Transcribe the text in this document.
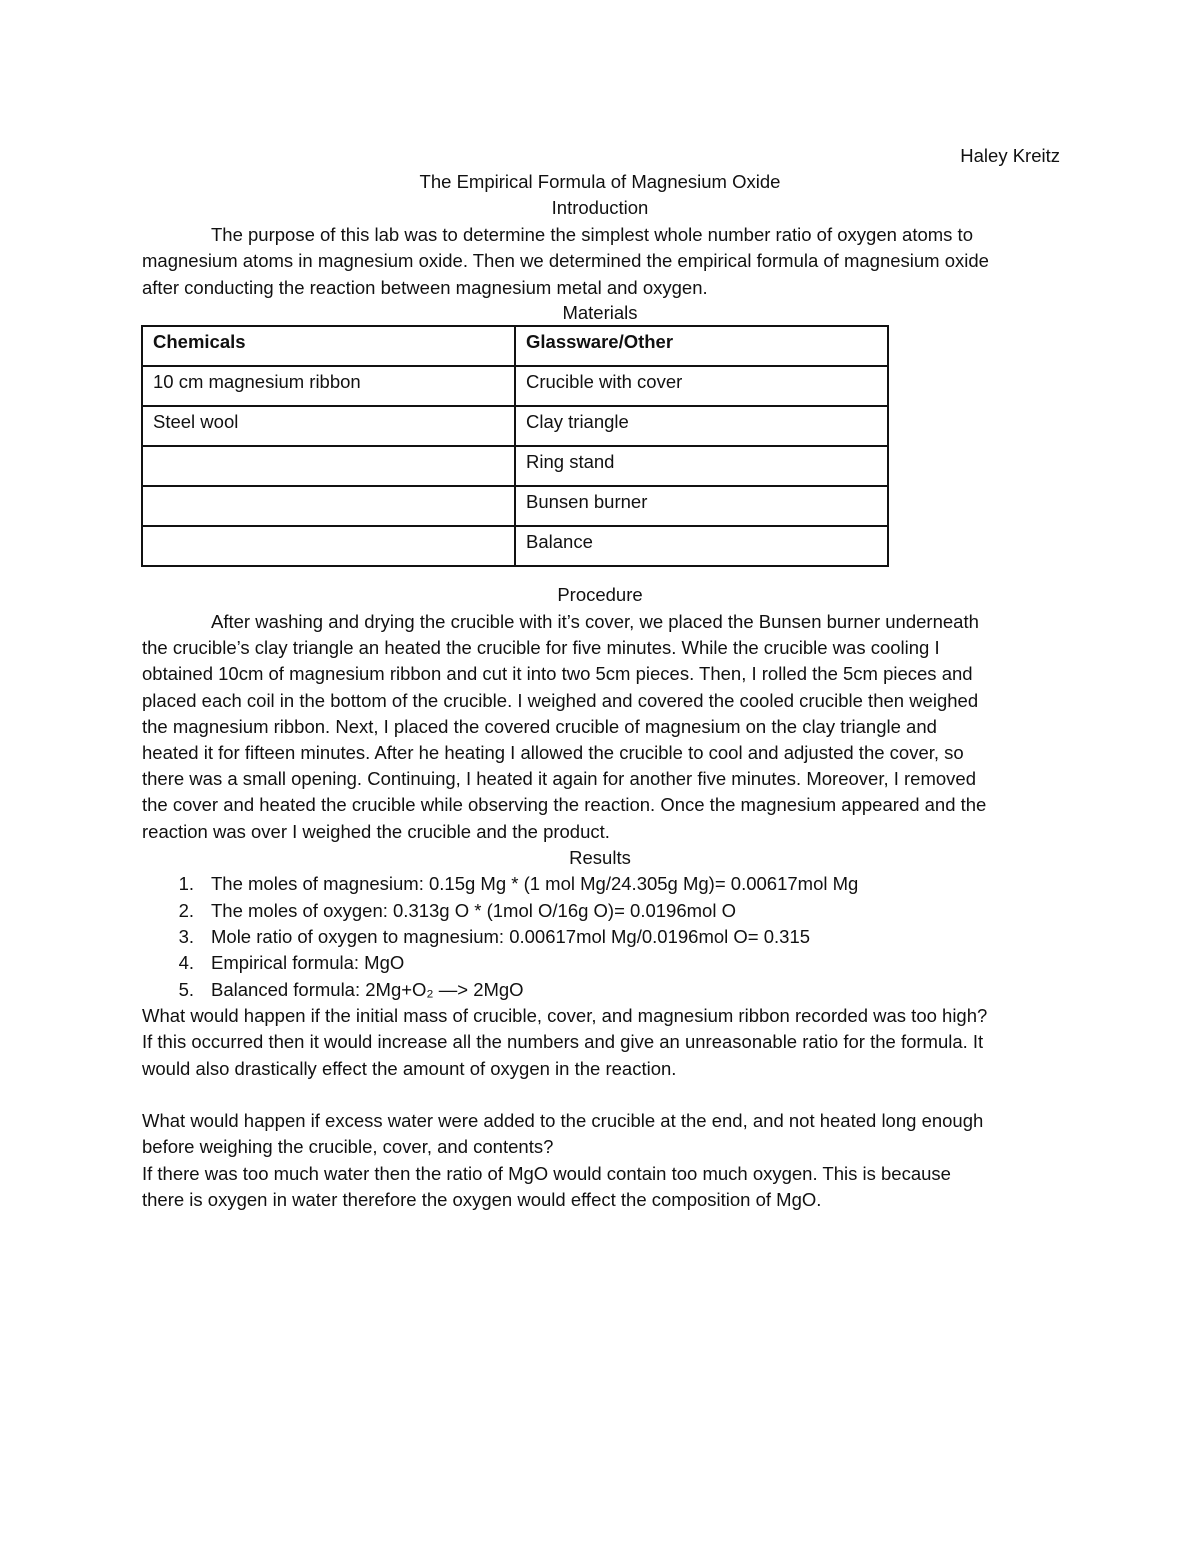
Haley Kreitz
The Empirical Formula of Magnesium Oxide
Introduction
The purpose of this lab was to determine the simplest whole number ratio of oxygen atoms to
magnesium atoms in magnesium oxide. Then we determined the empirical formula of magnesium oxide
after conducting the reaction between magnesium metal and oxygen.
Materials
Chemicals	Glassware/Other
10 cm magnesium ribbon	Crucible with cover
Steel wool	Clay triangle
	Ring stand
	Bunsen burner
	Balance
Procedure
After washing and drying the crucible with it’s cover, we placed the Bunsen burner underneath
the crucible’s clay triangle an heated the crucible for five minutes. While the crucible was cooling I
obtained 10cm of magnesium ribbon and cut it into two 5cm pieces. Then, I rolled the 5cm pieces and
placed each coil in the bottom of the crucible. I weighed and covered the cooled crucible then weighed
the magnesium ribbon. Next, I placed the covered crucible of magnesium on the clay triangle and
heated it for fifteen minutes. After he heating I allowed the crucible to cool and adjusted the cover, so
there was a small opening. Continuing, I heated it again for another five minutes. Moreover, I removed
the cover and heated the crucible while observing the reaction. Once the magnesium appeared and the
reaction was over I weighed the crucible and the product.
Results
1. The moles of magnesium: 0.15g Mg * (1 mol Mg/24.305g Mg)= 0.00617mol Mg
2. The moles of oxygen: 0.313g O * (1mol O/16g O)= 0.0196mol O
3. Mole ratio of oxygen to magnesium: 0.00617mol Mg/0.0196mol O= 0.315
4. Empirical formula: MgO
5. Balanced formula: 2Mg+O₂ —> 2MgO
What would happen if the initial mass of crucible, cover, and magnesium ribbon recorded was too high?
If this occurred then it would increase all the numbers and give an unreasonable ratio for the formula. It
would also drastically effect the amount of oxygen in the reaction.
What would happen if excess water were added to the crucible at the end, and not heated long enough
before weighing the crucible, cover, and contents?
If there was too much water then the ratio of MgO would contain too much oxygen. This is because
there is oxygen in water therefore the oxygen would effect the composition of MgO.
